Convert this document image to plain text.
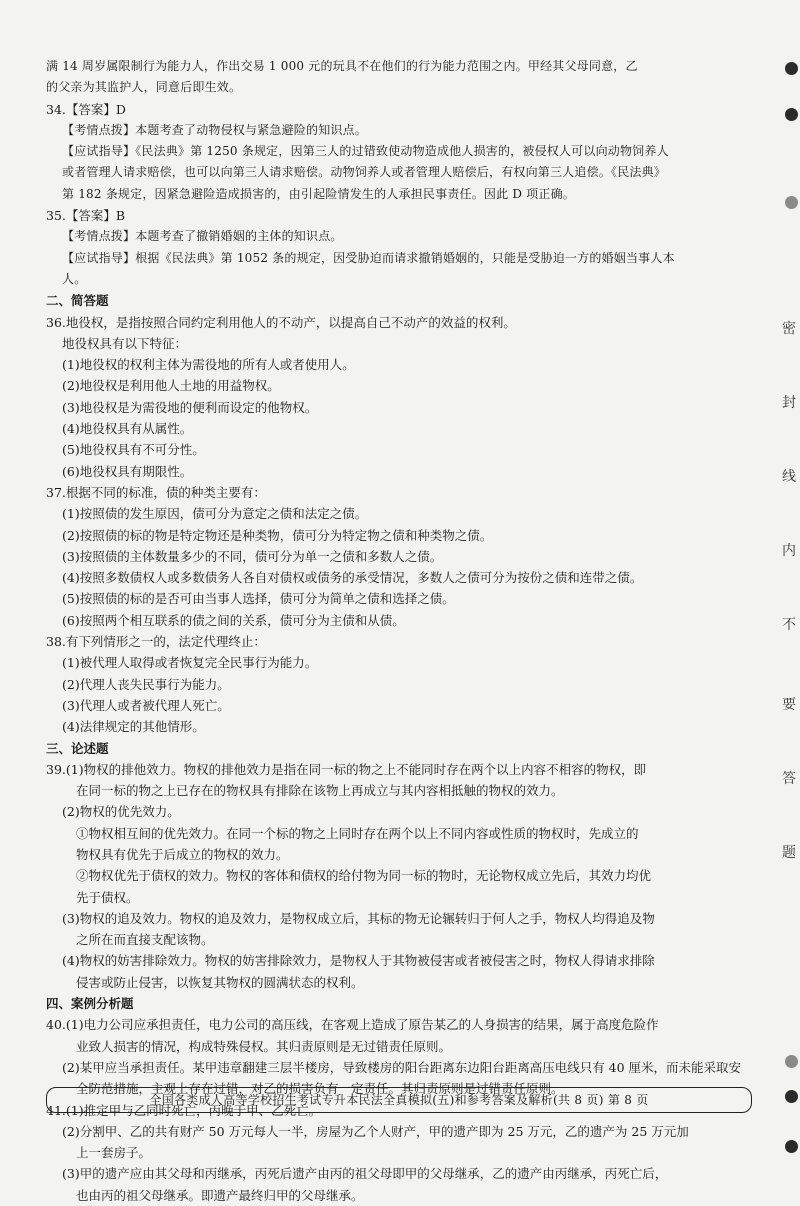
满 14 周岁属限制行为能力人，作出交易 1 000 元的玩具不在他们的行为能力范围之内。甲经其父母同意，乙

的父亲为其监护人，同意后即生效。

34.【答案】D

【考情点拨】本题考查了动物侵权与紧急避险的知识点。

【应试指导】《民法典》第 1250 条规定，因第三人的过错致使动物造成他人损害的，被侵权人可以向动物饲养人

或者管理人请求赔偿，也可以向第三人请求赔偿。动物饲养人或者管理人赔偿后，有权向第三人追偿。《民法典》

第 182 条规定，因紧急避险造成损害的，由引起险情发生的人承担民事责任。因此 D 项正确。

35.【答案】B

【考情点拨】本题考查了撤销婚姻的主体的知识点。

【应试指导】根据《民法典》第 1052 条的规定，因受胁迫而请求撤销婚姻的，只能是受胁迫一方的婚姻当事人本

人。

二、简答题

36.地役权，是指按照合同约定利用他人的不动产，以提高自己不动产的效益的权利。

地役权具有以下特征：

(1)地役权的权利主体为需役地的所有人或者使用人。

(2)地役权是利用他人土地的用益物权。

(3)地役权是为需役地的便利而设定的他物权。

(4)地役权具有从属性。

(5)地役权具有不可分性。

(6)地役权具有期限性。

37.根据不同的标准，债的种类主要有：

(1)按照债的发生原因，债可分为意定之债和法定之债。

(2)按照债的标的物是特定物还是种类物，债可分为特定物之债和种类物之债。

(3)按照债的主体数量多少的不同，债可分为单一之债和多数人之债。

(4)按照多数债权人或多数债务人各自对债权或债务的承受情况，多数人之债可分为按份之债和连带之债。

(5)按照债的标的是否可由当事人选择，债可分为简单之债和选择之债。

(6)按照两个相互联系的债之间的关系，债可分为主债和从债。

38.有下列情形之一的，法定代理终止：

(1)被代理人取得或者恢复完全民事行为能力。

(2)代理人丧失民事行为能力。

(3)代理人或者被代理人死亡。

(4)法律规定的其他情形。

三、论述题

39.(1)物权的排他效力。物权的排他效力是指在同一标的物之上不能同时存在两个以上内容不相容的物权，即

在同一标的物之上已存在的物权具有排除在该物上再成立与其内容相抵触的物权的效力。

(2)物权的优先效力。

①物权相互间的优先效力。在同一个标的物之上同时存在两个以上不同内容或性质的物权时，先成立的

物权具有优先于后成立的物权的效力。

②物权优先于债权的效力。物权的客体和债权的给付物为同一标的物时，无论物权成立先后，其效力均优

先于债权。

(3)物权的追及效力。物权的追及效力，是物权成立后，其标的物无论辗转归于何人之手，物权人均得追及物

之所在而直接支配该物。

(4)物权的妨害排除效力。物权的妨害排除效力，是物权人于其物被侵害或者被侵害之时，物权人得请求排除

侵害或防止侵害，以恢复其物权的圆满状态的权利。

四、案例分析题

40.(1)电力公司应承担责任，电力公司的高压线，在客观上造成了原告某乙的人身损害的结果，属于高度危险作

业致人损害的情况，构成特殊侵权。其归责原则是无过错责任原则。

(2)某甲应当承担责任。某甲违章翻建三层半楼房，导致楼房的阳台距离东边阳台距离高压电线只有 40 厘米，而未能采取安

全防范措施，主观上存在过错，对乙的损害负有一定责任。其归责原则是过错责任原则。

41.(1)推定甲与乙同时死亡，丙晚于甲、乙死亡。

(2)分割甲、乙的共有财产 50 万元每人一半，房屋为乙个人财产，甲的遗产即为 25 万元，乙的遗产为 25 万元加

上一套房子。

(3)甲的遗产应由其父母和丙继承，丙死后遗产由丙的祖父母即甲的父母继承，乙的遗产由丙继承，丙死亡后，

也由丙的祖父母继承。即遗产最终归甲的父母继承。

全国各类成人高等学校招生考试专升本民法全真模拟(五)和参考答案及解析(共 8 页) 第 8 页
密
封
线
内
不
要
答
题
